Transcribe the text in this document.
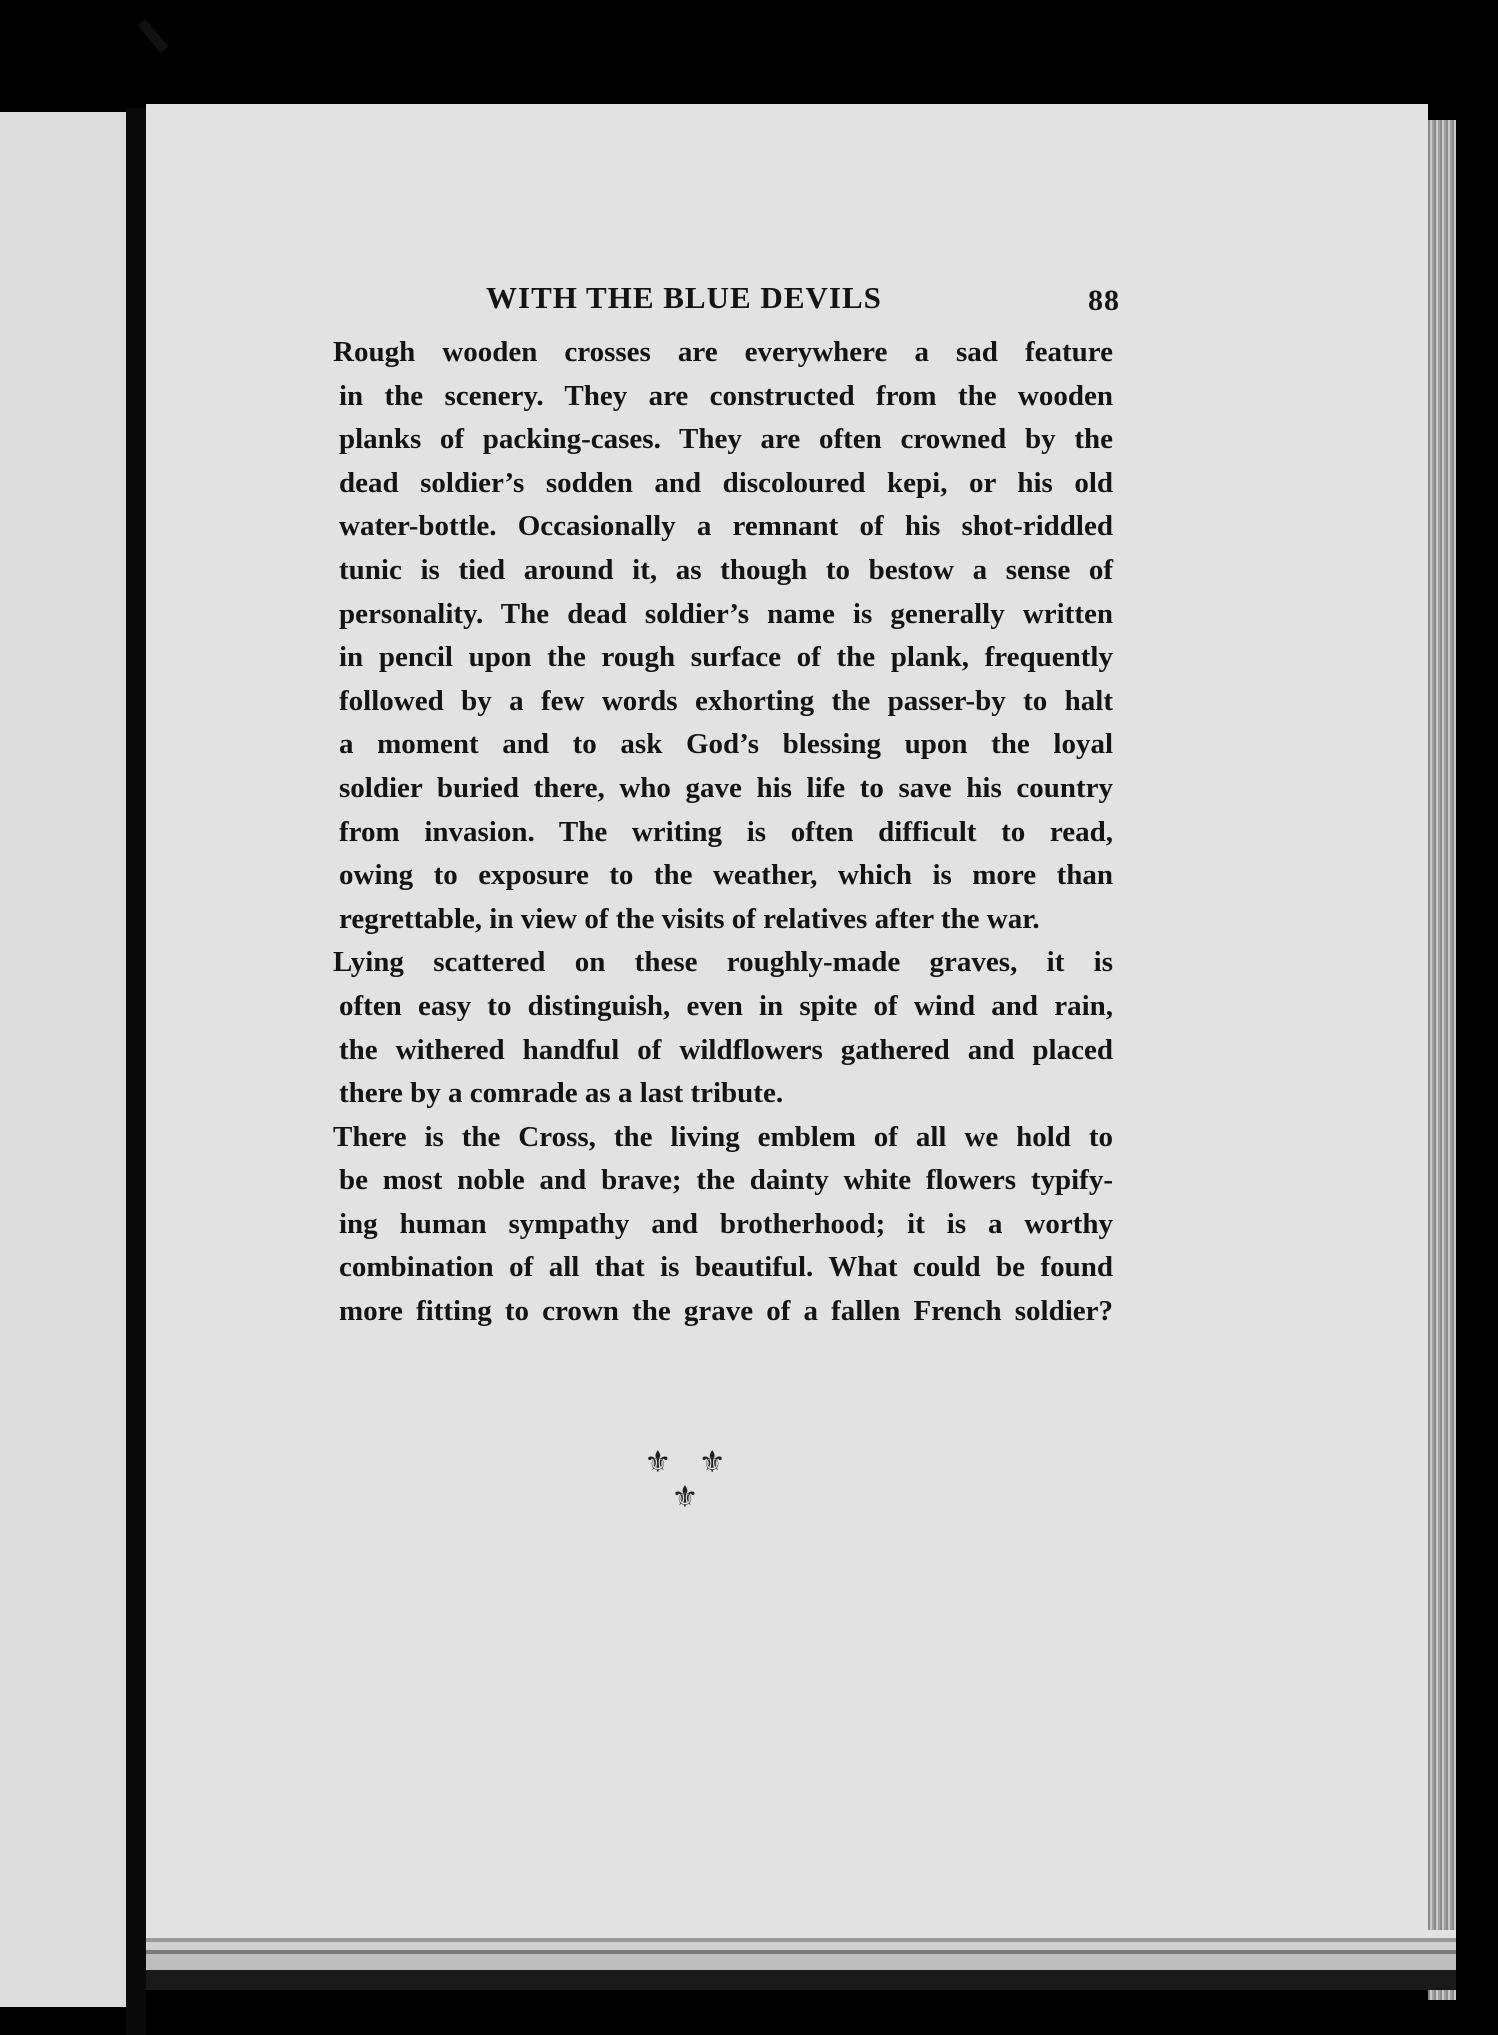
WITH THE BLUE DEVILS	88

Rough wooden crosses are everywhere a sad feature
in the scenery. They are constructed from the wooden
planks of packing-cases. They are often crowned by the
dead soldier’s sodden and discoloured kepi, or his old
water-bottle. Occasionally a remnant of his shot-riddled
tunic is tied around it, as though to bestow a sense of
personality. The dead soldier’s name is generally written
in pencil upon the rough surface of the plank, frequently
followed by a few words exhorting the passer-by to halt
a moment and to ask God’s blessing upon the loyal
soldier buried there, who gave his life to save his country
from invasion. The writing is often difficult to read,
owing to exposure to the weather, which is more than
regrettable, in view of the visits of relatives after the war.

Lying scattered on these roughly-made graves, it is
often easy to distinguish, even in spite of wind and rain,
the withered handful of wildflowers gathered and placed
there by a comrade as a last tribute.

There is the Cross, the living emblem of all we hold to
be most noble and brave; the dainty white flowers typify-
ing human sympathy and brotherhood; it is a worthy
combination of all that is beautiful. What could be found
more fitting to crown the grave of a fallen French soldier?

⚜ ⚜ ⚜
